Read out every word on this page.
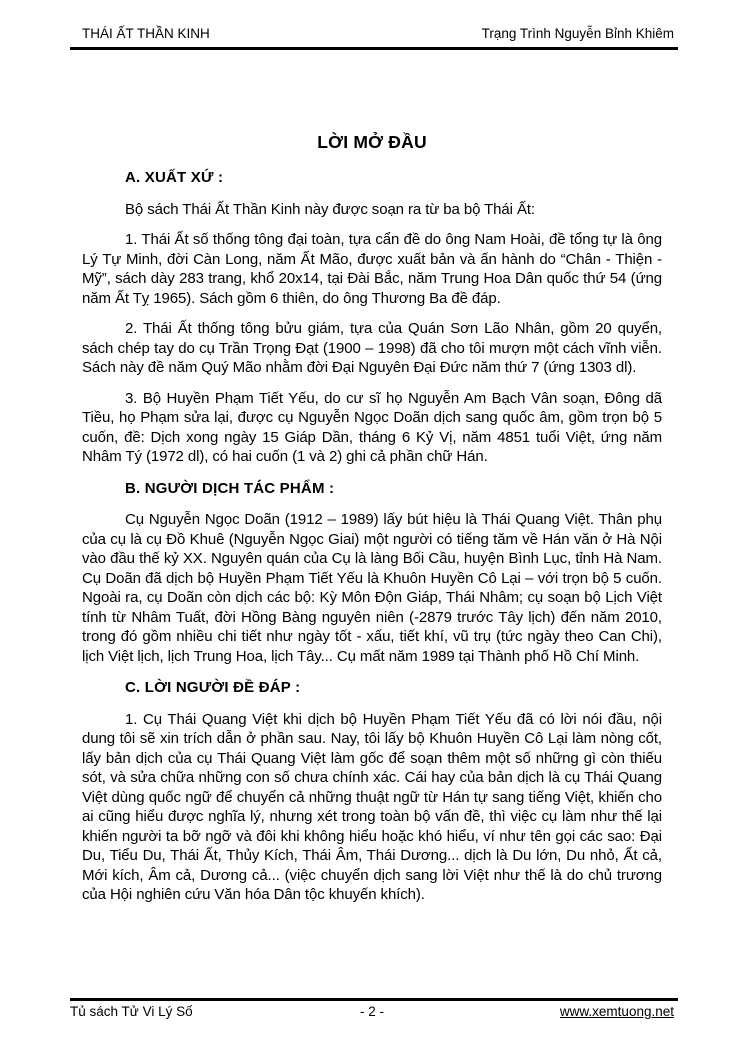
THÁI ẤT THẦN KINH	Trạng Trình Nguyễn Bỉnh Khiêm
LỜI MỞ ĐẦU
A. XUẤT XỨ :

Bộ sách Thái Ất Thần Kinh này được soạn ra từ ba bộ Thái Ất:

1. Thái Ất số thống tông đại toàn, tựa cẩn đề do ông Nam Hoài, đề tổng tự là ông Lý Tự Minh, đời Càn Long, năm Ất Mão, được xuất bản và ấn hành do “Chân - Thiện - Mỹ”, sách dày 283 trang, khổ 20x14, tại Đài Bắc, năm Trung Hoa Dân quốc thứ 54 (ứng năm Ất Tỵ 1965). Sách gồm 6 thiên, do ông Thương Ba đề đáp.

2. Thái Ất thống tông bửu giám, tựa của Quán Sơn Lão Nhân, gồm 20 quyển, sách chép tay do cụ Trần Trọng Đạt (1900 – 1998) đã cho tôi mượn một cách vĩnh viễn. Sách này đề năm Quý Mão nhằm đời Đại Nguyên Đại Đức năm thứ 7 (ứng 1303 dl).

3. Bộ Huyền Phạm Tiết Yếu, do cư sĩ họ Nguyễn Am Bạch Vân soạn, Đông dã Tiều, họ Phạm sửa lại, được cụ Nguyễn Ngọc Doãn dịch sang quốc âm, gồm trọn bộ 5 cuốn, đề: Dịch xong ngày 15 Giáp Dần, tháng 6 Kỷ Vị, năm 4851 tuổi Việt, ứng năm Nhâm Tý (1972 dl), có hai cuốn (1 và 2) ghi cả phần chữ Hán.

B. NGƯỜI DỊCH TÁC PHẨM :

Cụ Nguyễn Ngọc Doãn (1912 – 1989) lấy bút hiệu là Thái Quang Việt. Thân phụ của cụ là cụ Đồ Khuê (Nguyễn Ngọc Giai) một người có tiếng tăm về Hán văn ở Hà Nội vào đầu thế kỷ XX. Nguyên quán của Cụ là làng Bối Cầu, huyện Bình Lục, tỉnh Hà Nam. Cụ Doãn đã dịch bộ Huyền Phạm Tiết Yếu là Khuôn Huyền Cô Lại – với trọn bộ 5 cuốn. Ngoài ra, cụ Doãn còn dịch các bộ: Kỳ Môn Độn Giáp, Thái Nhâm; cụ soạn bộ Lịch Việt tính từ Nhâm Tuất, đời Hồng Bàng nguyên niên (-2879 trước Tây lịch) đến năm 2010, trong đó gồm nhiều chi tiết như ngày tốt - xấu, tiết khí, vũ trụ (tức ngày theo Can Chi), lịch Việt lịch, lịch Trung Hoa, lịch Tây... Cụ mất năm 1989 tại Thành phố Hồ Chí Minh.

C. LỜI NGƯỜI ĐỀ ĐÁP :

1. Cụ Thái Quang Việt khi dịch bộ Huyền Phạm Tiết Yếu đã có lời nói đầu, nội dung tôi sẽ xin trích dẫn ở phần sau. Nay, tôi lấy bộ Khuôn Huyền Cô Lại làm nòng cốt, lấy bản dịch của cụ Thái Quang Việt làm gốc để soạn thêm một số những gì còn thiếu sót, và sửa chữa những con số chưa chính xác. Cái hay của bản dịch là cụ Thái Quang Việt dùng quốc ngữ để chuyển cả những thuật ngữ từ Hán tự sang tiếng Việt, khiến cho ai cũng hiểu được nghĩa lý, nhưng xét trong toàn bộ vấn đề, thì việc cụ làm như thế lại khiến người ta bỡ ngỡ và đôi khi không hiểu hoặc khó hiểu, ví như tên gọi các sao: Đại Du, Tiểu Du, Thái Ất, Thủy Kích, Thái Âm, Thái Dương... dịch là Du lớn, Du nhỏ, Ất cả, Mới kích, Âm cả, Dương cả... (việc chuyển dịch sang lời Việt như thế là do chủ trương của Hội nghiên cứu Văn hóa Dân tộc khuyến khích).

Tủ sách Tử Vi Lý Số	- 2 -	www.xemtuong.net
